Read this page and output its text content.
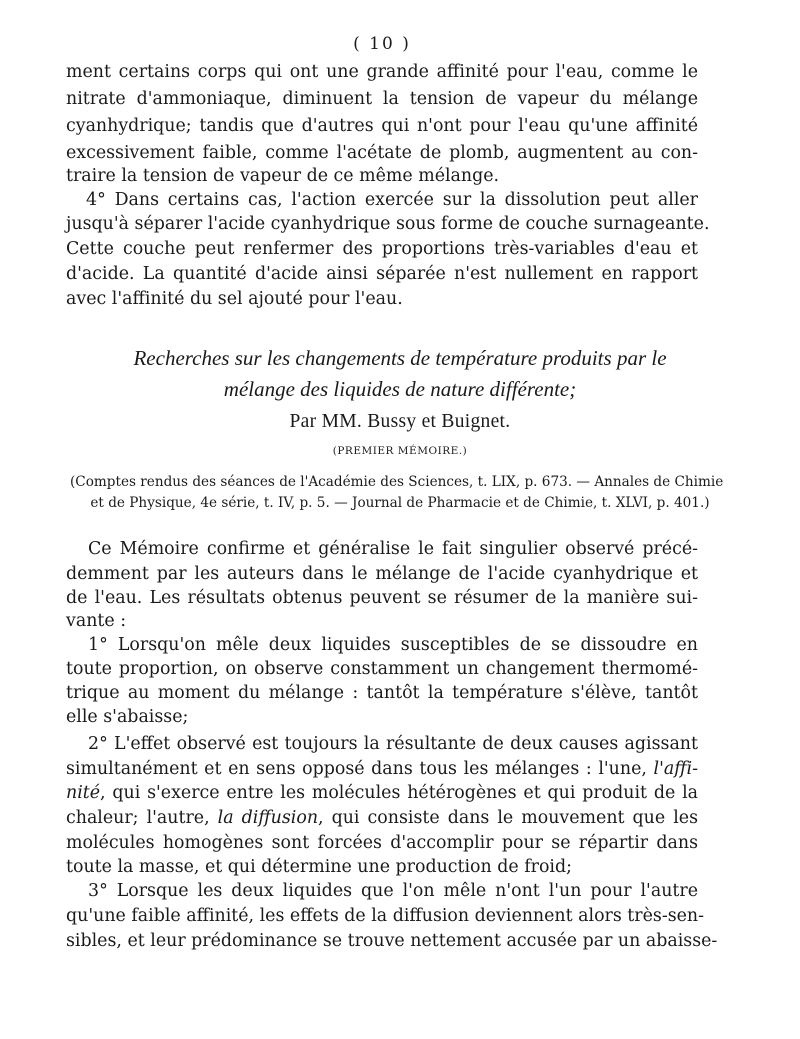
( 10 )
ment certains corps qui ont une grande affinité pour l'eau, comme le
nitrate d'ammoniaque, diminuent la tension de vapeur du mélange
cyanhydrique; tandis que d'autres qui n'ont pour l'eau qu'une affinité
excessivement faible, comme l'acétate de plomb, augmentent au con-
traire la tension de vapeur de ce même mélange.
4° Dans certains cas, l'action exercée sur la dissolution peut aller
jusqu'à séparer l'acide cyanhydrique sous forme de couche surnageante.
Cette couche peut renfermer des proportions très-variables d'eau et
d'acide. La quantité d'acide ainsi séparée n'est nullement en rapport
avec l'affinité du sel ajouté pour l'eau.
Recherches sur les changements de température produits par le
mélange des liquides de nature différente;
Par MM. Bussy et Buignet.
(PREMIER MÉMOIRE.)
(Comptes rendus des séances de l'Académie des Sciences, t. LIX, p. 673. — Annales de Chimie
et de Physique, 4e série, t. IV, p. 5. — Journal de Pharmacie et de Chimie, t. XLVI, p. 401.)
Ce Mémoire confirme et généralise le fait singulier observé précé-
demment par les auteurs dans le mélange de l'acide cyanhydrique et
de l'eau. Les résultats obtenus peuvent se résumer de la manière sui-
vante :
1° Lorsqu'on mêle deux liquides susceptibles de se dissoudre en
toute proportion, on observe constamment un changement thermomé-
trique au moment du mélange : tantôt la température s'élève, tantôt
elle s'abaisse;
2° L'effet observé est toujours la résultante de deux causes agissant
simultanément et en sens opposé dans tous les mélanges : l'une, l'affi-
nité, qui s'exerce entre les molécules hétérogènes et qui produit de la
chaleur; l'autre, la diffusion, qui consiste dans le mouvement que les
molécules homogènes sont forcées d'accomplir pour se répartir dans
toute la masse, et qui détermine une production de froid;
3° Lorsque les deux liquides que l'on mêle n'ont l'un pour l'autre
qu'une faible affinité, les effets de la diffusion deviennent alors très-sen-
sibles, et leur prédominance se trouve nettement accusée par un abaisse-
